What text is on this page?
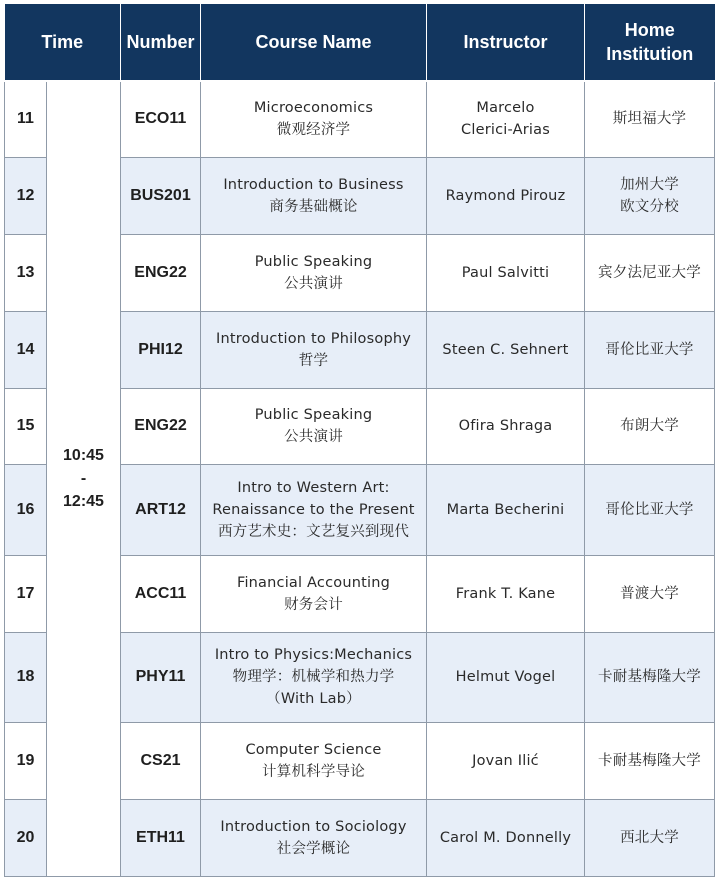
Time		Number	Course Name	Instructor	Home
Institution

11	10:45
-
12:45	ECO11	Microeconomics
微观经济学	Marcelo
Clerici-Arias	斯坦福大学

12		BUS201	Introduction to Business
商务基础概论	Raymond Pirouz	加州大学
欧文分校

13		ENG22	Public Speaking
公共演讲	Paul Salvitti	宾夕法尼亚大学

14		PHI12	Introduction to Philosophy
哲学	Steen C. Sehnert	哥伦比亚大学

15		ENG22	Public Speaking
公共演讲	Ofira Shraga	布朗大学

16		ART12	Intro to Western Art:
Renaissance to the Present
西方艺术史：文艺复兴到现代	Marta Becherini	哥伦比亚大学

17		ACC11	Financial Accounting
财务会计	Frank T. Kane	普渡大学

18		PHY11	Intro to Physics:Mechanics
物理学：机械学和热力学
（With Lab）	Helmut Vogel	卡耐基梅隆大学

19		CS21	Computer Science
计算机科学导论	Jovan Ilić	卡耐基梅隆大学

20		ETH11	Introduction to Sociology
社会学概论	Carol M. Donnelly	西北大学
